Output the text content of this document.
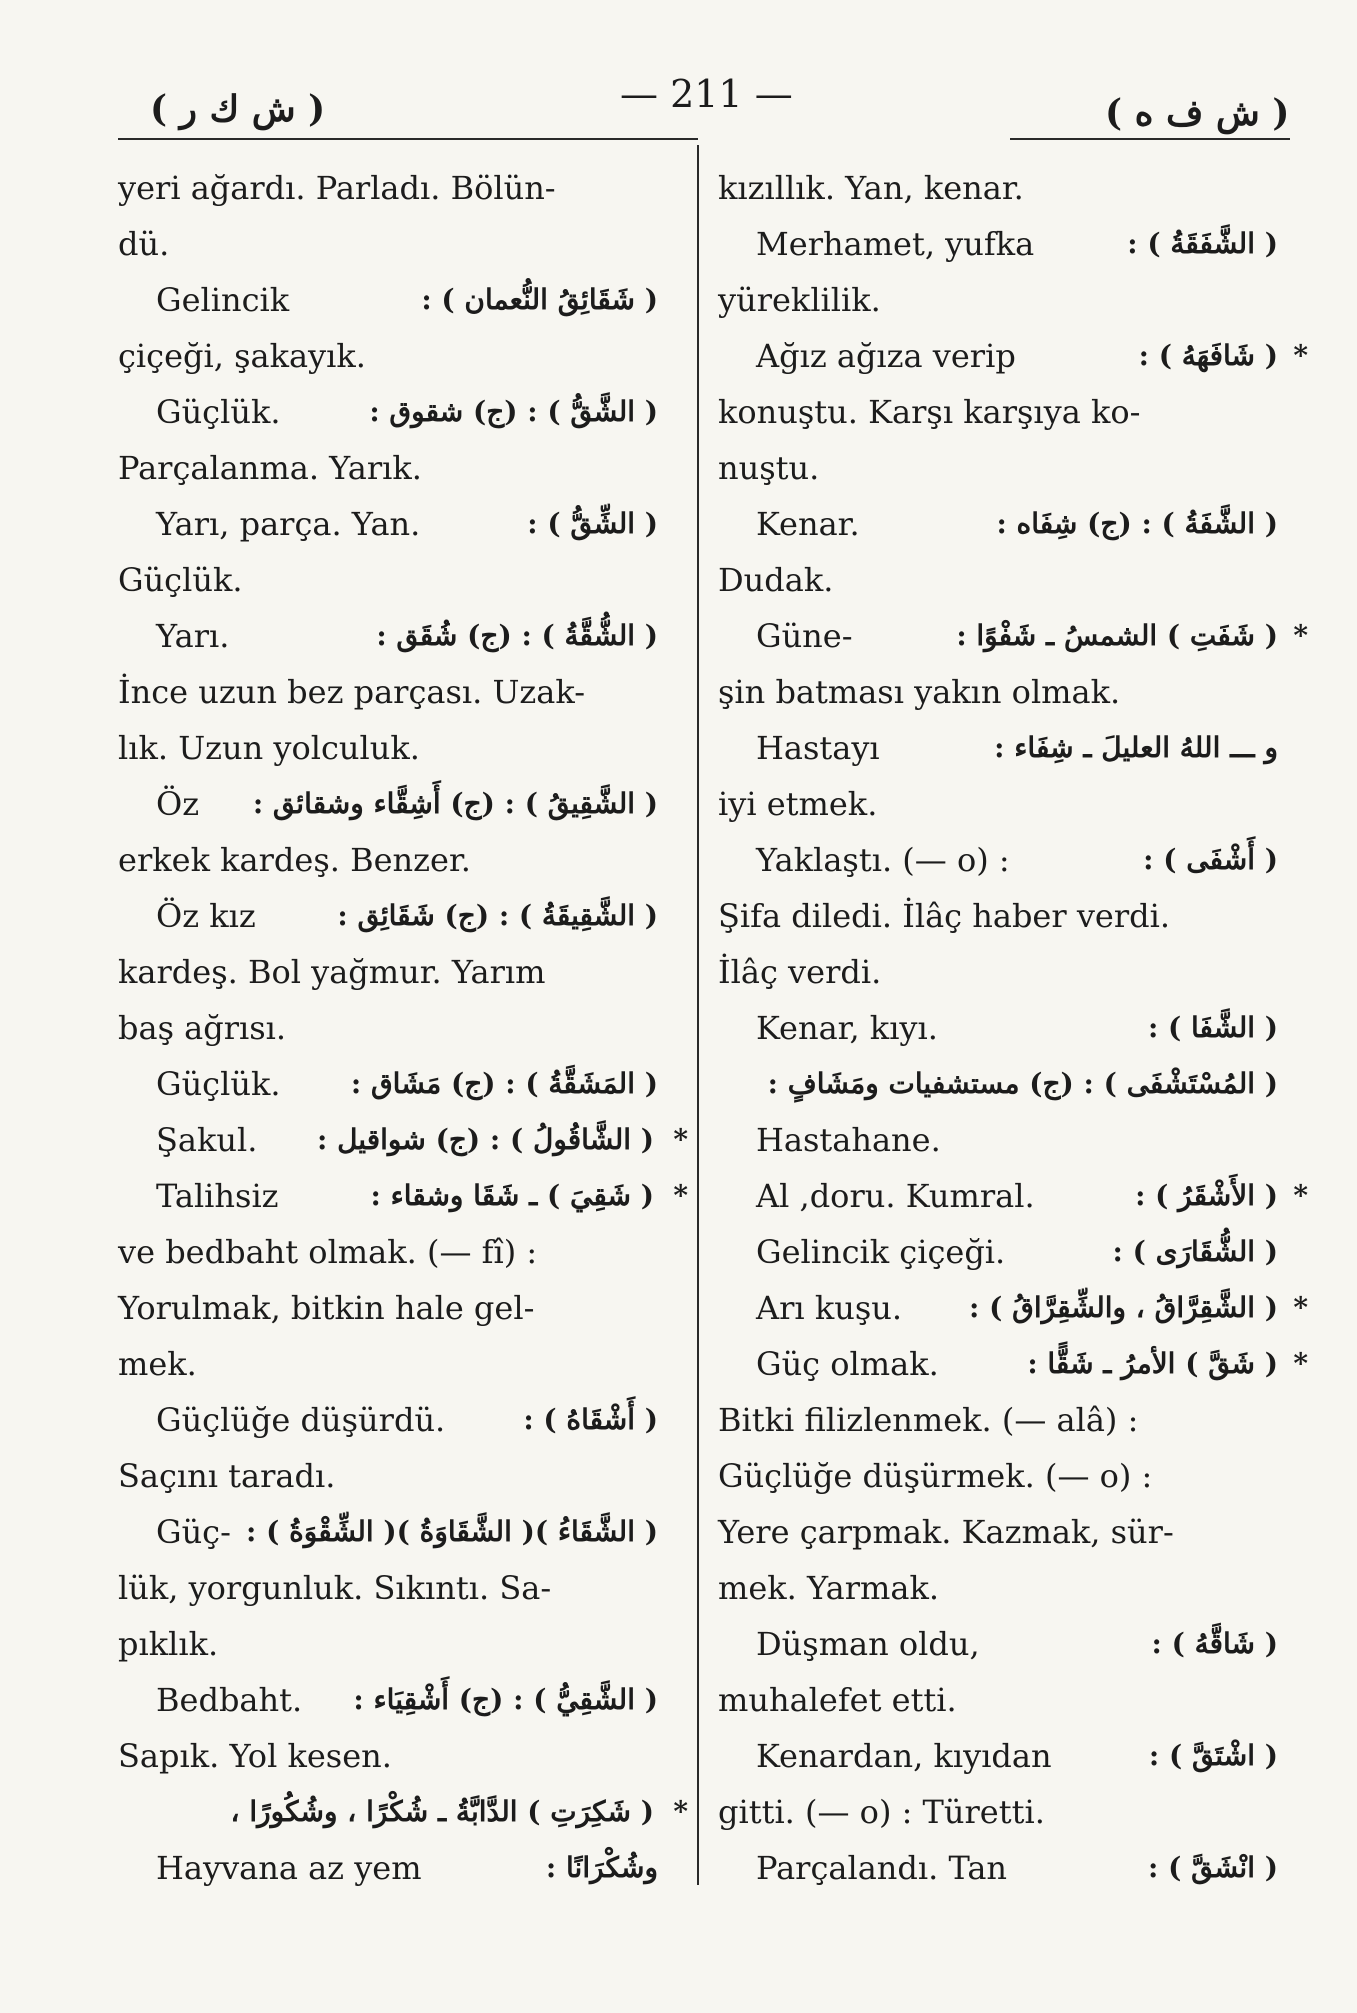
( ش ك ر )	— 211 —	( ش ف ه )
yeri ağardı. Parladı. Bölün-
dü.
Gelincik	( شَقَائِقُ النُّعمان ) :
çiçeği, şakayık.
Güçlük.	( الشَّقُّ ) : (ج) شقوق :
Parçalanma. Yarık.
Yarı, parça. Yan.	( الشِّقُّ ) :
Güçlük.
Yarı.	( الشُّقَّةُ ) : (ج) شُقَق :
İnce uzun bez parçası. Uzak-
lık. Uzun yolculuk.
Öz ( الشَّقِيقُ ) : (ج) أَشِقَّاء وشقائق :
erkek kardeş. Benzer.
Öz kız	( الشَّقِيقَةُ ) : (ج) شَقَائِق :
kardeş. Bol yağmur. Yarım
baş ağrısı.
Güçlük.	( المَشَقَّةُ ) : (ج) مَشَاق :
Şakul. ( الشَّاقُولُ ) : (ج) شواقيل : *
Talihsiz	( شَقِيَ ) ـ شَقَا وشقاء : *
ve bedbaht olmak. (— fî) :
Yorulmak, bitkin hale gel-
mek.
Güçlüğe düşürdü.	( أَشْقَاهُ ) :
Saçını taradı.
Güç- ( الشَّقَاءُ )( الشَّقَاوَةُ )( الشِّقْوَةُ ) :
lük, yorgunluk. Sıkıntı. Sa-
pıklık.
Bedbaht. ( الشَّقِيُّ ) : (ج) أَشْقِيَاء :
Sapık. Yol kesen.
( شَكِرَتِ ) الدَّابَّةُ ـ شُكْرًا ، وشُكُورًا ، *
Hayvana az yem	وشُكْرَانًا :
kızıllık. Yan, kenar.
Merhamet, yufka	( الشَّفَقَةُ ) :
yüreklilik.
Ağız ağıza verip	( شَافَهَهُ ) : *
konuştu. Karşı karşıya ko-
nuştu.
Kenar.	( الشَّفَةُ ) : (ج) شِفَاه :
Dudak.
Güne-	( شَفَتِ ) الشمسُ ـ شَفْوًا : *
şin batması yakın olmak.
Hastayı	و ـــ اللهُ العليلَ ـ شِفَاء :
iyi etmek.
Yaklaştı. (— o) :	( أَشْفَى ) :
Şifa diledi. İlâç haber verdi.
İlâç verdi.
Kenar, kıyı.	( الشَّفَا ) :
( المُسْتَشْفَى ) : (ج) مستشفيات ومَشَافٍ :
Hastahane.
Al ,doru. Kumral.	( الأَشْقَرُ ) : *
Gelincik çiçeği.	( الشُّقَارَى ) :
Arı kuşu. ( الشَّقِرَّاقُ ، والشِّقِرَّاقُ ) : *
Güç olmak.	( شَقَّ ) الأمرُ ـ شَقًّا : *
Bitki filizlenmek. (— alâ) :
Güçlüğe düşürmek. (— o) :
Yere çarpmak. Kazmak, sür-
mek. Yarmak.
Düşman oldu,	( شَاقَّهُ ) :
muhalefet etti.
Kenardan, kıyıdan	( اشْتَقَّ ) :
gitti. (— o) : Türetti.
Parçalandı. Tan	( انْشَقَّ ) :
